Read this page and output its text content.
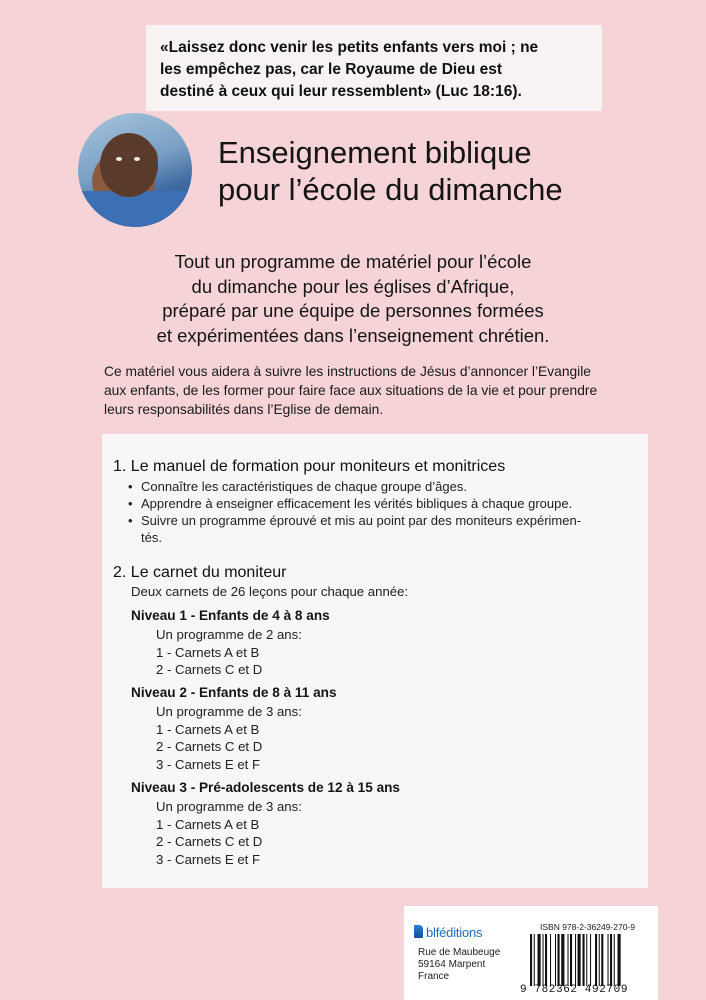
«Laissez donc venir les petits enfants vers moi ; ne
les empêchez pas, car le Royaume de Dieu est
destiné à ceux qui leur ressemblent» (Luc 18:16).
Enseignement biblique
pour l’école du dimanche
Tout un programme de matériel pour l’école
du dimanche pour les églises d’Afrique,
préparé par une équipe de personnes formées
et expérimentées dans l’enseignement chrétien.
Ce matériel vous aidera à suivre les instructions de Jésus d’annoncer l’Evangile
aux enfants, de les former pour faire face aux situations de la vie et pour prendre
leurs responsabilités dans l’Eglise de demain.
1. Le manuel de formation pour moniteurs et monitrices
• Connaître les caractéristiques de chaque groupe d’âges.
• Apprendre à enseigner efficacement les vérités bibliques à chaque groupe.
• Suivre un programme éprouvé et mis au point par des moniteurs expérimen-
tés.
2. Le carnet du moniteur
Deux carnets de 26 leçons pour chaque année:
Niveau 1 - Enfants de 4 à 8 ans
Un programme de 2 ans:
1 - Carnets A et B
2 - Carnets C et D
Niveau 2 - Enfants de 8 à 11 ans
Un programme de 3 ans:
1 - Carnets A et B
2 - Carnets C et D
3 - Carnets E et F
Niveau 3 - Pré-adolescents de 12 à 15 ans
Un programme de 3 ans:
1 - Carnets A et B
2 - Carnets C et D
3 - Carnets E et F
blféditions
Rue de Maubeuge
59164 Marpent
France
ISBN 978-2-36249-270-9
9 782362 492709
